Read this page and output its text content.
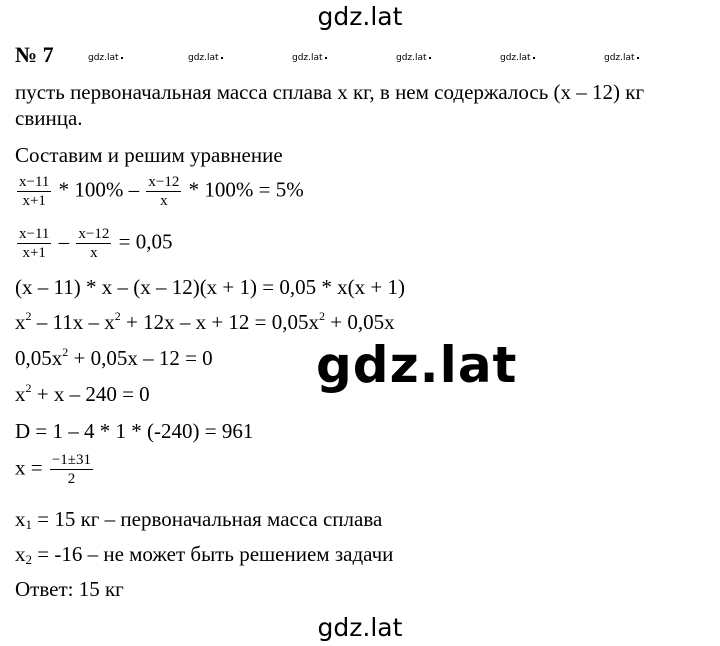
gdz.lat
№ 7	gdz.lat	gdz.lat	gdz.lat	gdz.lat	gdz.lat	gdz.lat
пусть первоначальная масса сплава х кг, в нем содержалось (х – 12) кг
свинца.
Составим и решим уравнение
$\frac{x-11}{x+1} * 100\% - \frac{x-12}{x} * 100\% = 5\%$
$\frac{x-11}{x+1} - \frac{x-12}{x} = 0,05$
(х – 11) * х – (х – 12)(х + 1) = 0,05 * х(х + 1)
$х^2 - 11х - х^2 + 12х - х + 12 = 0,05х^2 + 0,05х$
$0,05х^2 + 0,05х - 12 = 0$
$х^2 + х - 240 = 0$
D = 1 – 4 * 1 * (-240) = 961
$х = \frac{-1\pm 31}{2}$
$х_1 = 15$ кг – первоначальная масса сплава
$х_2 = -16$ – не может быть решением задачи
Ответ: 15 кг
gdz.lat
gdz.lat
